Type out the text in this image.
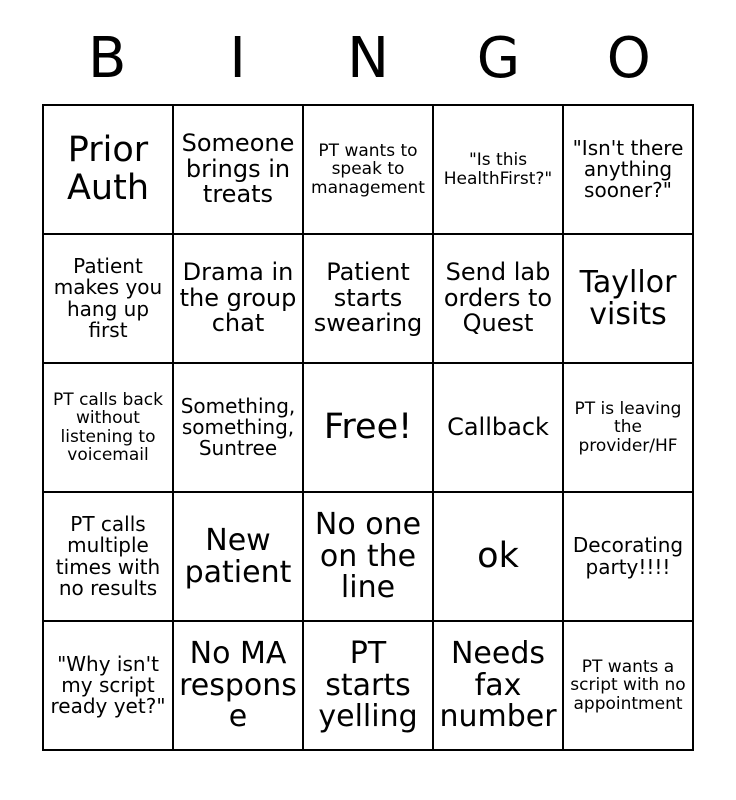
B	I	N	G	O
Prior Auth	Someone brings in treats	PT wants to speak to management	"Is this HealthFirst?"	"Isn't there anything sooner?"

Patient makes you hang up first	Drama in the group chat	Patient starts swearing	Send lab orders to Quest	Tayllor visits

PT calls back without listening to voicemail	Something, something, Suntree	Free!	Callback	PT is leaving the provider/HF

PT calls multiple times with no results	New patient	No one on the line	ok	Decorating party!!!!

"Why isn't my script ready yet?"	No MA response	PT starts yelling	Needs fax number	PT wants a script with no appointment
